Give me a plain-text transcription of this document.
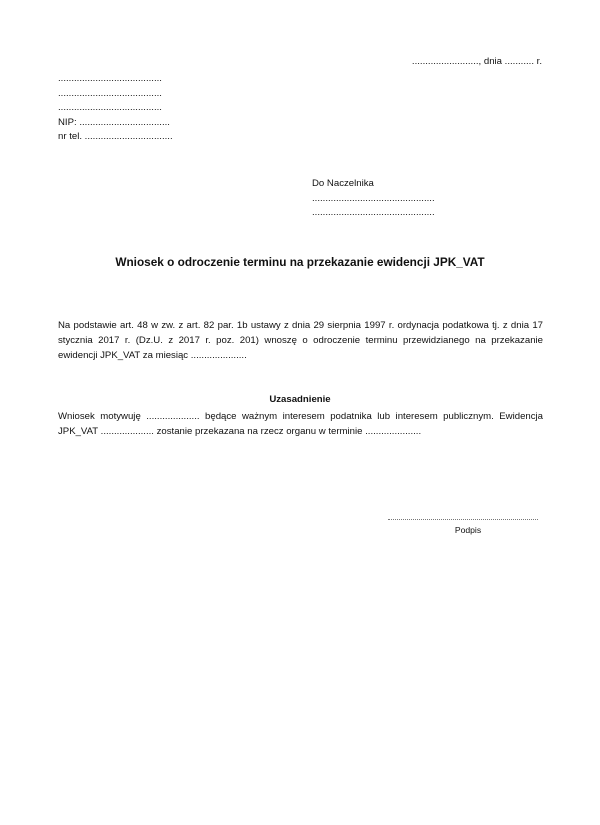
........................., dnia ........... r.
.......................................
.......................................
.......................................
NIP: ..................................
nr tel. .................................
Do Naczelnika
..............................................
..............................................
Wniosek o odroczenie terminu na przekazanie ewidencji JPK_VAT
Na podstawie art. 48 w zw. z art. 82 par. 1b ustawy z dnia 29 sierpnia 1997 r. ordynacja podatkowa tj. z dnia 17 stycznia 2017 r. (Dz.U. z 2017 r. poz. 201) wnoszę o odroczenie terminu przewidzianego na przekazanie ewidencji JPK_VAT za miesiąc .....................
Uzasadnienie
Wniosek motywuję .................... będące ważnym interesem podatnika lub interesem publicznym. Ewidencja JPK_VAT .................... zostanie przekazana na rzecz organu w terminie .....................
Podpis
